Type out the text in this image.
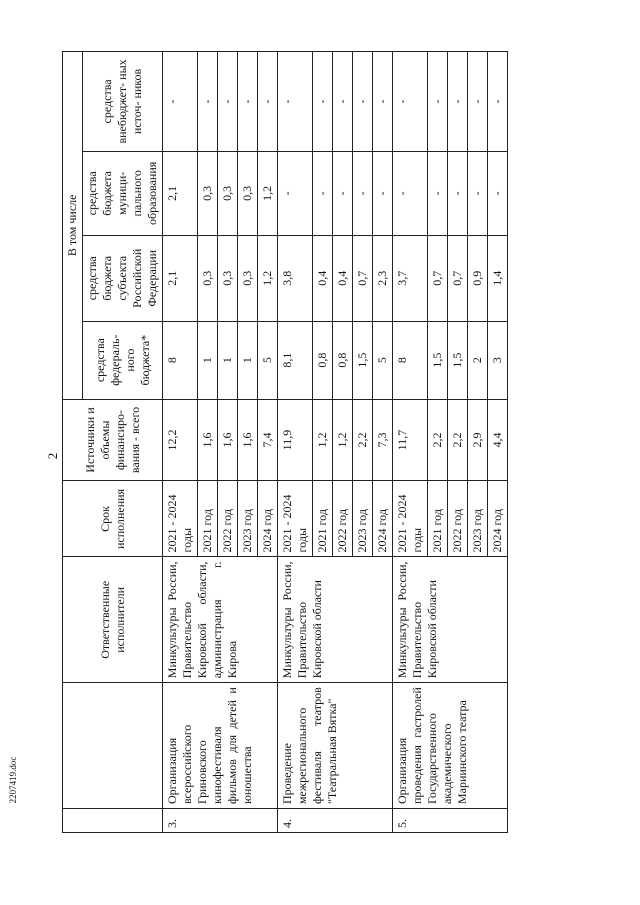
2
2207419.doc
		Ответственные исполнители	Срок исполнения	Источники и объемы финансиро- вания - всего	В том числе			
					средства федераль- ного бюджета*	средства бюджета субъекта Российской Федерации	средства бюджета муници- пального образования	средства внебюджет- ных источ- ников
3.	Организация всероссийского Гриновского кинофестиваля фильмов для детей и юношества	Минкультуры России, Правительство Кировской области, администрация г. Кирова	2021 - 2024 годы	12,2	8	2,1	2,1	-
			2021 год	1,6	1	0,3	0,3	-
			2022 год	1,6	1	0,3	0,3	-
			2023 год	1,6	1	0,3	0,3	-
			2024 год	7,4	5	1,2	1,2	-
4.	Проведение межрегионального фестиваля театров "Театральная Вятка"	Минкультуры России, Правительство Кировской области	2021 - 2024 годы	11,9	8,1	3,8	-	-
			2021 год	1,2	0,8	0,4	-	-
			2022 год	1,2	0,8	0,4	-	-
			2023 год	2,2	1,5	0,7	-	-
			2024 год	7,3	5	2,3	-	-
5.	Организация проведения гастролей Государственного академического Мариинского театра	Минкультуры России, Правительство Кировской области	2021 - 2024 годы	11,7	8	3,7	-	-
			2021 год	2,2	1,5	0,7	-	-
			2022 год	2,2	1,5	0,7	-	-
			2023 год	2,9	2	0,9	-	-
			2024 год	4,4	3	1,4	-	-
